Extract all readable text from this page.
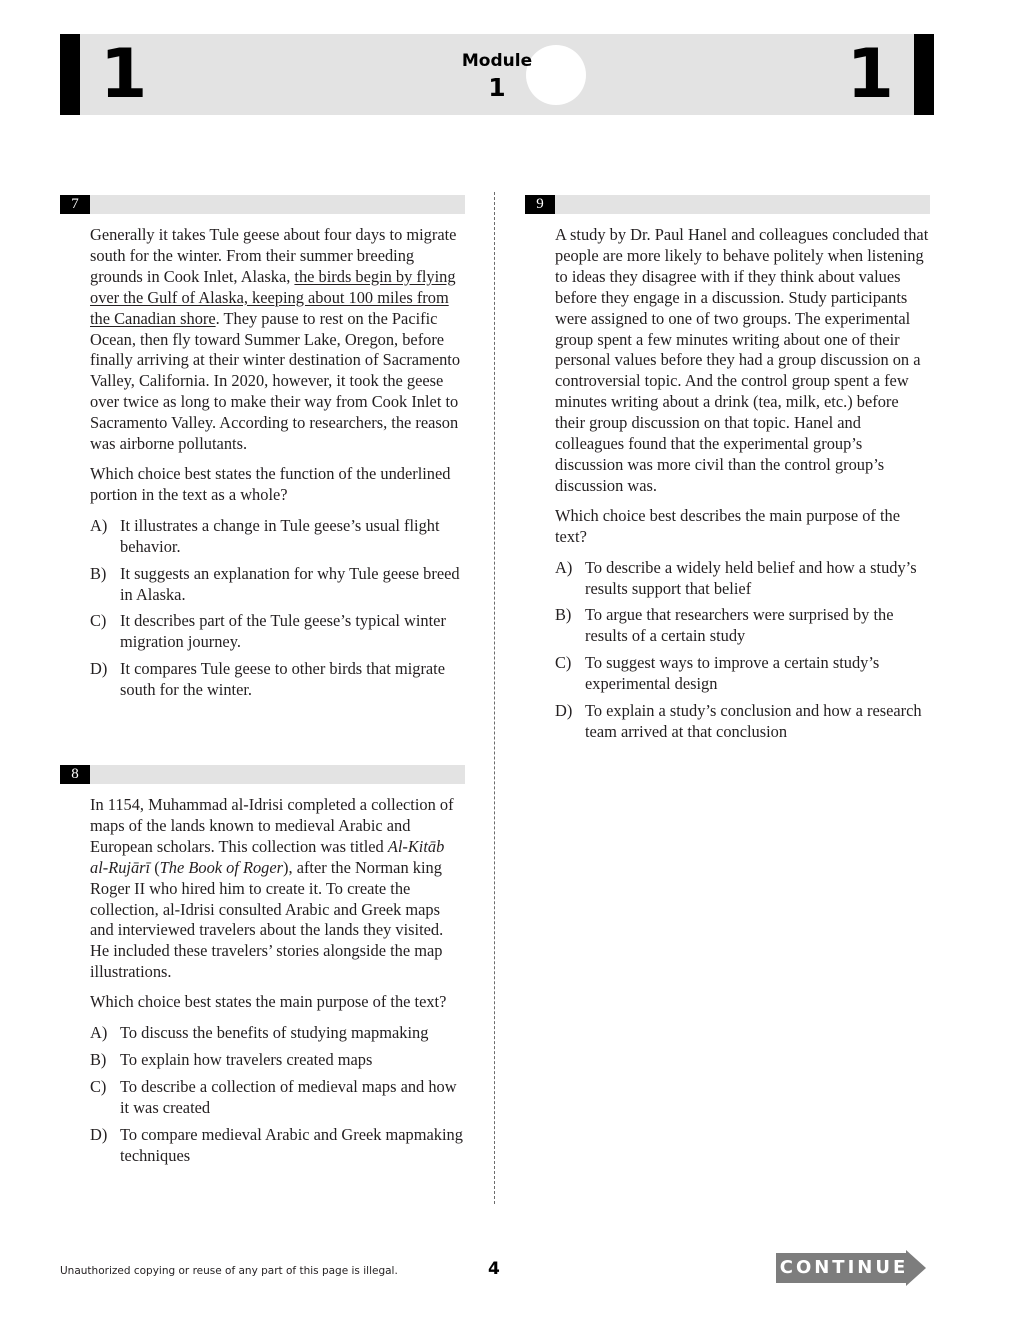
1	Module
1	1
7
Generally it takes Tule geese about four days to migrate south for the winter. From their summer breeding grounds in Cook Inlet, Alaska, the birds begin by flying over the Gulf of Alaska, keeping about 100 miles from the Canadian shore. They pause to rest on the Pacific Ocean, then fly toward Summer Lake, Oregon, before finally arriving at their winter destination of Sacramento Valley, California. In 2020, however, it took the geese over twice as long to make their way from Cook Inlet to Sacramento Valley. According to researchers, the reason was airborne pollutants.
Which choice best states the function of the underlined portion in the text as a whole?
A) It illustrates a change in Tule geese’s usual flight behavior.
B) It suggests an explanation for why Tule geese breed in Alaska.
C) It describes part of the Tule geese’s typical winter migration journey.
D) It compares Tule geese to other birds that migrate south for the winter.
8
In 1154, Muhammad al-Idrisi completed a collection of maps of the lands known to medieval Arabic and European scholars. This collection was titled Al-Kitāb al-Rujārī (The Book of Roger), after the Norman king Roger II who hired him to create it. To create the collection, al-Idrisi consulted Arabic and Greek maps and interviewed travelers about the lands they visited. He included these travelers’ stories alongside the map illustrations.
Which choice best states the main purpose of the text?
A) To discuss the benefits of studying mapmaking
B) To explain how travelers created maps
C) To describe a collection of medieval maps and how it was created
D) To compare medieval Arabic and Greek mapmaking techniques
9
A study by Dr. Paul Hanel and colleagues concluded that people are more likely to behave politely when listening to ideas they disagree with if they think about values before they engage in a discussion. Study participants were assigned to one of two groups. The experimental group spent a few minutes writing about one of their personal values before they had a group discussion on a controversial topic. And the control group spent a few minutes writing about a drink (tea, milk, etc.) before their group discussion on that topic. Hanel and colleagues found that the experimental group’s discussion was more civil than the control group’s discussion was.
Which choice best describes the main purpose of the text?
A) To describe a widely held belief and how a study’s results support that belief
B) To argue that researchers were surprised by the results of a certain study
C) To suggest ways to improve a certain study’s experimental design
D) To explain a study’s conclusion and how a research team arrived at that conclusion
Unauthorized copying or reuse of any part of this page is illegal.	4	CONTINUE
